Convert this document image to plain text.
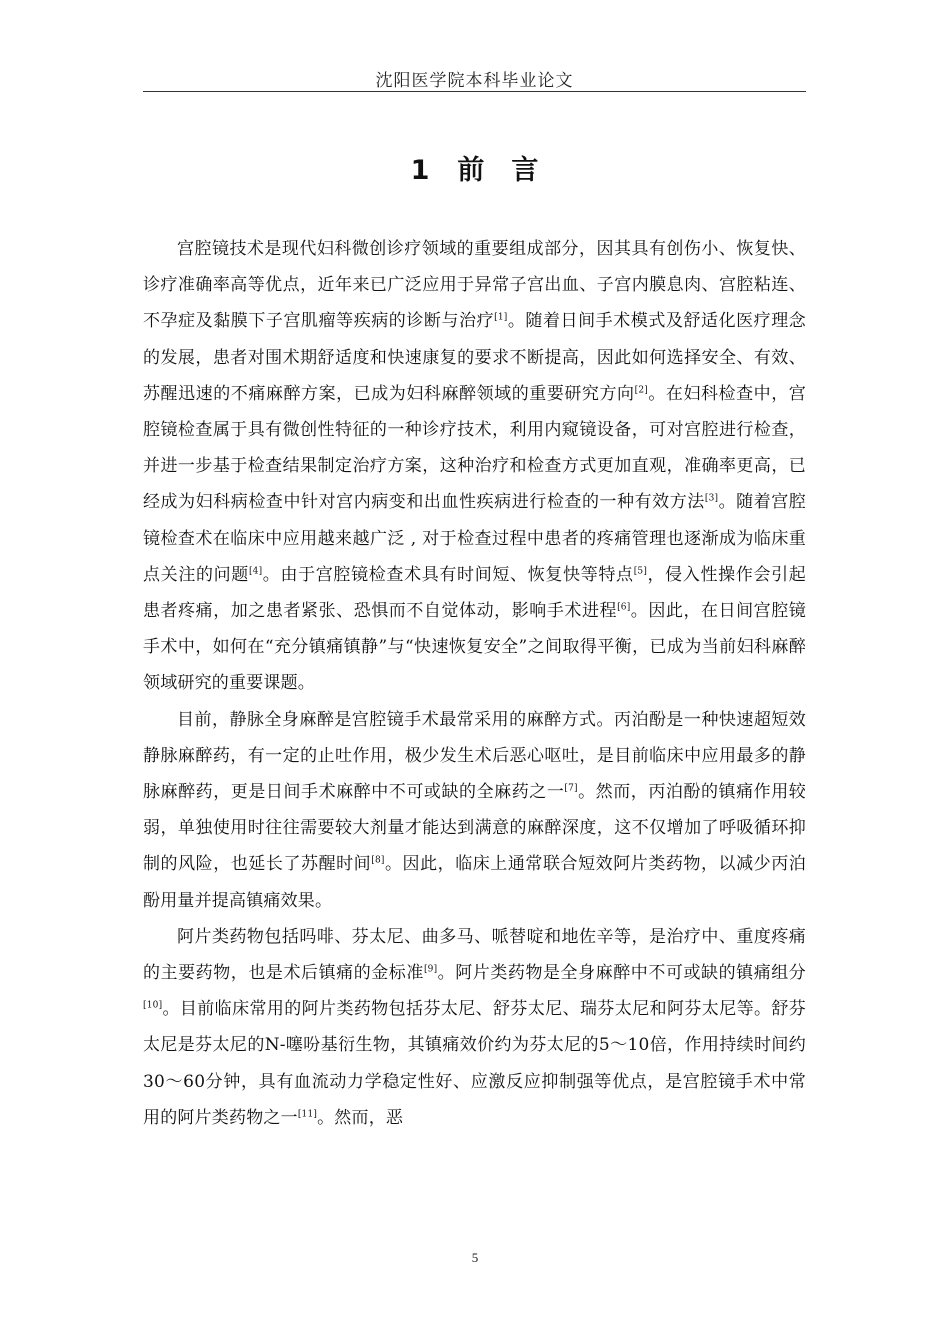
沈阳医学院本科毕业论文
1 前　言

宫腔镜技术是现代妇科微创诊疗领域的重要组成部分，因其具有创伤小、恢复快、诊疗准确率高等优点，近年来已广泛应用于异常子宫出血、子宫内膜息肉、宫腔粘连、不孕症及黏膜下子宫肌瘤等疾病的诊断与治疗[1]。随着日间手术模式及舒适化医疗理念的发展，患者对围术期舒适度和快速康复的要求不断提高，因此如何选择安全、有效、苏醒迅速的不痛麻醉方案，已成为妇科麻醉领域的重要研究方向[2]。在妇科检查中，宫腔镜检查属于具有微创性特征的一种诊疗技术，利用内窥镜设备，可对宫腔进行检查，并进一步基于检查结果制定治疗方案，这种治疗和检查方式更加直观，准确率更高，已经成为妇科病检查中针对宫内病变和出血性疾病进行检查的一种有效方法[3]。随着宫腔镜检查术在临床中应用越来越广泛 , 对于检查过程中患者的疼痛管理也逐渐成为临床重点关注的问题[4]。由于宫腔镜检查术具有时间短、恢复快等特点[5]，侵入性操作会引起患者疼痛，加之患者紧张、恐惧而不自觉体动，影响手术进程[6]。因此，在日间宫腔镜手术中，如何在“充分镇痛镇静”与“快速恢复安全”之间取得平衡，已成为当前妇科麻醉领域研究的重要课题。

目前，静脉全身麻醉是宫腔镜手术最常采用的麻醉方式。丙泊酚是一种快速超短效静脉麻醉药，有一定的止吐作用，极少发生术后恶心呕吐，是目前临床中应用最多的静脉麻醉药，更是日间手术麻醉中不可或缺的全麻药之一[7]。然而，丙泊酚的镇痛作用较弱，单独使用时往往需要较大剂量才能达到满意的麻醉深度，这不仅增加了呼吸循环抑制的风险，也延长了苏醒时间[8]。因此，临床上通常联合短效阿片类药物，以减少丙泊酚用量并提高镇痛效果。

阿片类药物包括吗啡、芬太尼、曲多马、哌替啶和地佐辛等，是治疗中、重度疼痛的主要药物，也是术后镇痛的金标准[9]。阿片类药物是全身麻醉中不可或缺的镇痛组分[10]。目前临床常用的阿片类药物包括芬太尼、舒芬太尼、瑞芬太尼和阿芬太尼等。舒芬太尼是芬太尼的N-噻吩基衍生物，其镇痛效价约为芬太尼的5～10倍，作用持续时间约30～60分钟，具有血流动力学稳定性好、应激反应抑制强等优点，是宫腔镜手术中常用的阿片类药物之一[11]。然而，恶

5
